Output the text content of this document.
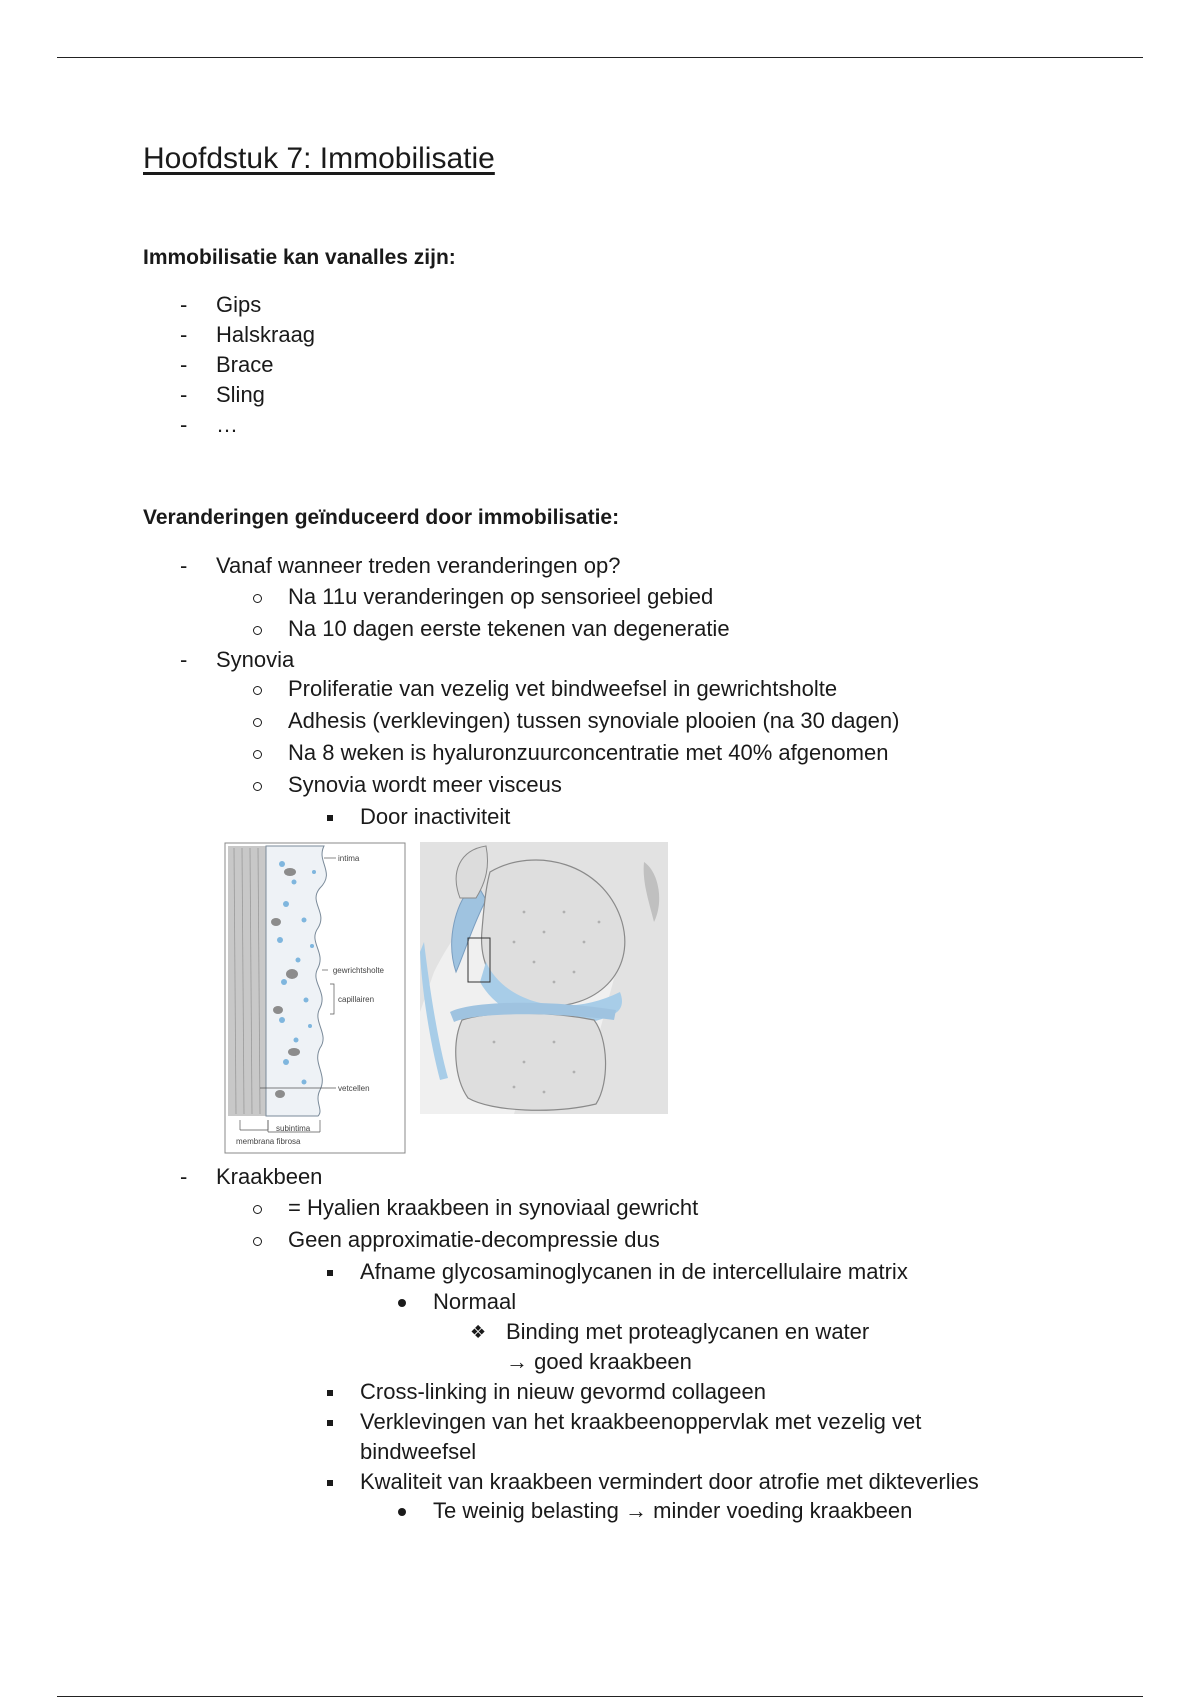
Hoofdstuk 7: Immobilisatie
Immobilisatie kan vanalles zijn:
- Gips
- Halskraag
- Brace
- Sling
- …
Veranderingen geïnduceerd door immobilisatie:
- Vanaf wanneer treden veranderingen op?
Na 11u veranderingen op sensorieel gebied
Na 10 dagen eerste tekenen van degeneratie
- Synovia
Proliferatie van vezelig vet bindweefsel in gewrichtsholte
Adhesis (verklevingen) tussen synoviale plooien (na 30 dagen)
Na 8 weken is hyaluronzuurconcentratie met 40% afgenomen
Synovia wordt meer visceus
Door inactiviteit
intima
gewrichtsholte
capillairen
vetcellen
subintima
membrana fibrosa
- Kraakbeen
= Hyalien kraakbeen in synoviaal gewricht
Geen approximatie-decompressie dus
Afname glycosaminoglycanen in de intercellulaire matrix
Normaal
❖ Binding met proteaglycanen en water
→ goed kraakbeen
Cross-linking in nieuw gevormd collageen
Verklevingen van het kraakbeenoppervlak met vezelig vet
bindweefsel
Kwaliteit van kraakbeen vermindert door atrofie met dikteverlies
Te weinig belasting → minder voeding kraakbeen
